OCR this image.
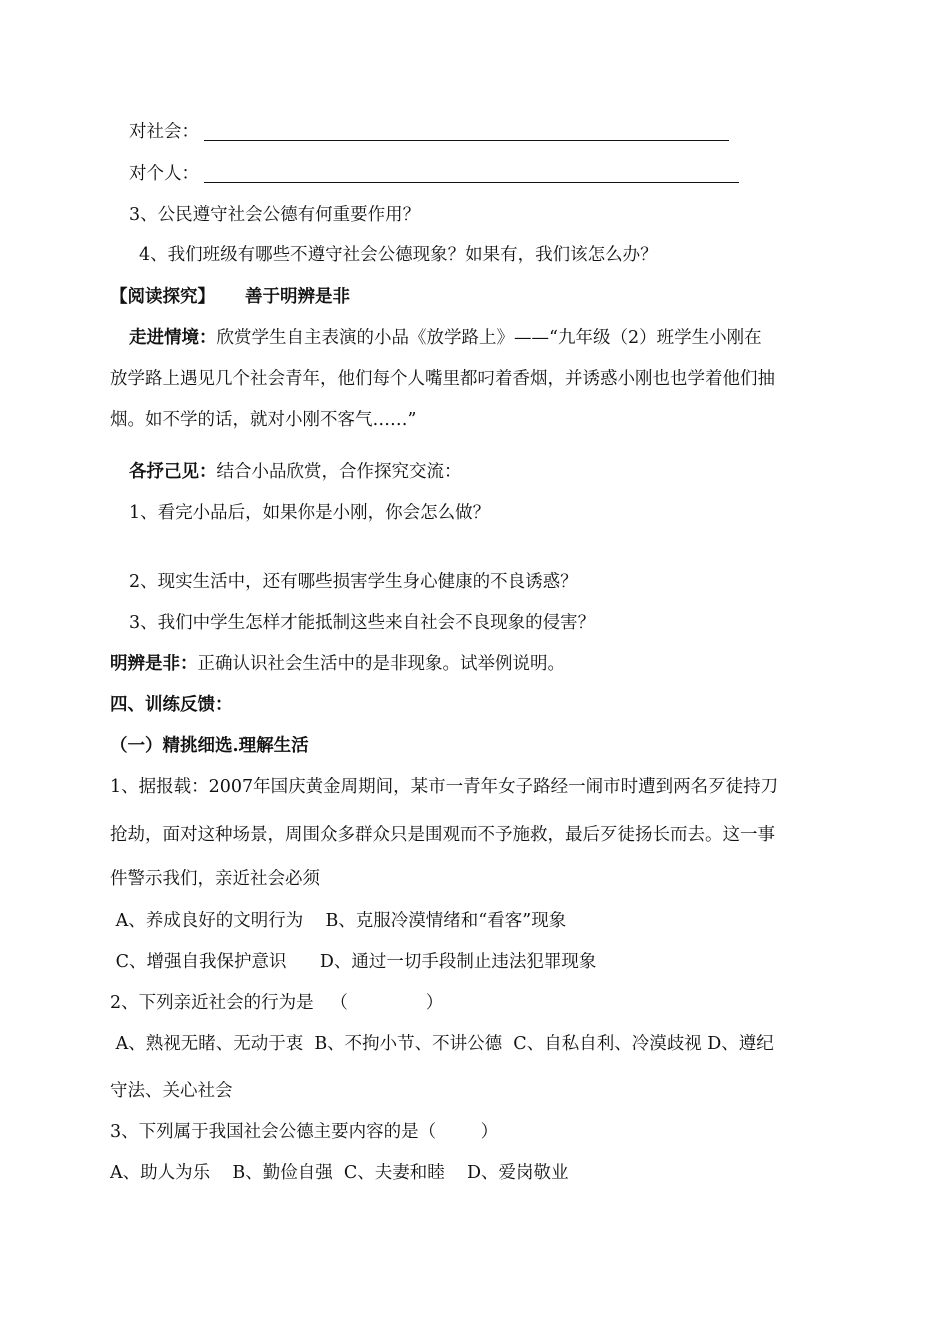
对社会：
对个人：
3、公民遵守社会公德有何重要作用？
4、我们班级有哪些不遵守社会公德现象？如果有，我们该怎么办？
【阅读探究】 善于明辨是非
走进情境：欣赏学生自主表演的小品《放学路上》——“九年级（2）班学生小刚在
放学路上遇见几个社会青年，他们每个人嘴里都叼着香烟，并诱惑小刚也也学着他们抽
烟。如不学的话，就对小刚不客气……”
各抒己见：结合小品欣赏，合作探究交流：
1、看完小品后，如果你是小刚，你会怎么做？
2、现实生活中，还有哪些损害学生身心健康的不良诱惑？
3、我们中学生怎样才能抵制这些来自社会不良现象的侵害？
明辨是非：正确认识社会生活中的是非现象。试举例说明。
四、训练反馈：
（一）精挑细选.理解生活
1、据报载：2007年国庆黄金周期间，某市一青年女子路经一闹市时遭到两名歹徒持刀
抢劫，面对这种场景，周围众多群众只是围观而不予施救，最后歹徒扬长而去。这一事
件警示我们，亲近社会必须
A、养成良好的文明行为    B、克服冷漠情绪和“看客”现象
C、增强自我保护意识      D、通过一切手段制止违法犯罪现象
2、下列亲近社会的行为是   （              ）
A、熟视无睹、无动于衷  B、不拘小节、不讲公德  C、自私自利、冷漠歧视 D、遵纪
守法、关心社会
3、下列属于我国社会公德主要内容的是（        ）
A、助人为乐    B、勤俭自强  C、夫妻和睦    D、爱岗敬业
